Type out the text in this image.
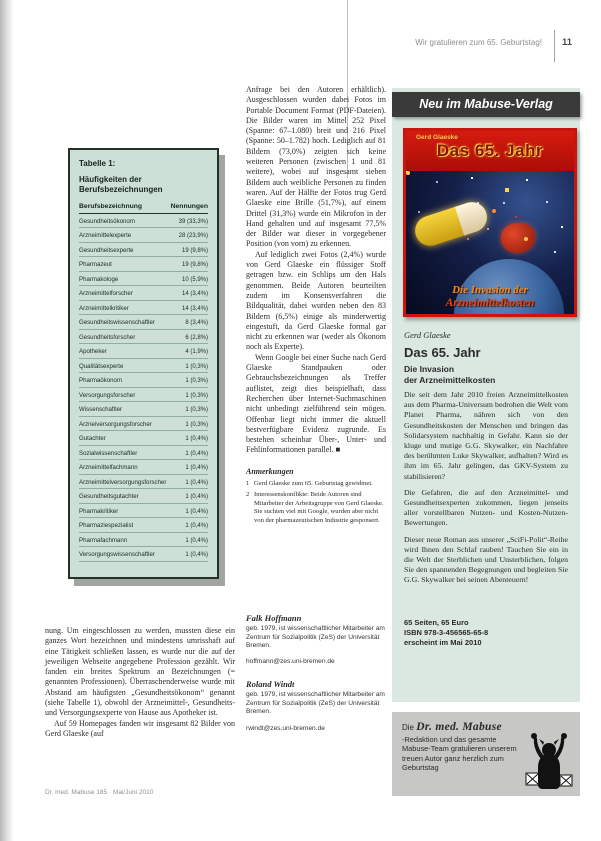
Wir gratulieren zum 65. Geburtstag! 11
Tabelle 1:
Häufigkeiten der
Berufsbezeichnungen
Berufsbezeichnung	Nennungen
Gesundheitsökonom	39 (33,3%)
Arzneimittelexperte	28 (23,9%)
Gesundheitsexperte	19 (9,8%)
Pharmazeut	19 (9,8%)
Pharmakologe	10 (5,9%)
Arzneimittelforscher	14 (3,4%)
Arzneimittelkritiker	14 (3,4%)
Gesundheitswissenschaftler	8 (3,4%)
Gesundheitsforscher	6 (2,8%)
Apotheker	4 (1,9%)
Qualitätsexperte	1 (0,3%)
Pharmaökonom	1 (0,3%)
Versorgungsforscher	1 (0,3%)
Wissenschaftler	1 (0,3%)
Arzneiversorgungsforscher	1 (0,3%)
Gutachter	1 (0,4%)
Sozialwissenschaftler	1 (0,4%)
Arzneimittelfachmann	1 (0,4%)
Arzneimittelversorgungsforscher	1 (0,4%)
Gesundheitsgutachter	1 (0,4%)
Pharmakritiker	1 (0,4%)
Pharmaziespezialist	1 (0,4%)
Pharmafachmann	1 (0,4%)
Versorgungswissenschaftler	1 (0,4%)

nung. Um eingeschlossen zu werden, mussten diese ein ganzes Wort bezeichnen und mindestens umrisshaft auf eine Tätigkeit schließen lassen, es wurde nur die auf der jeweiligen Webseite angegebene Profession gezählt. Wir fanden ein breites Spektrum an Bezeichnungen (= genannten Professionen). Überraschenderweise wurde mit Abstand am häufigsten „Gesundheitsökonom“ genannt (siehe Tabelle 1), obwohl der Arzneimittel-, Gesundheits- und Versorgungsexperte von Hause aus Apotheker ist.

Auf 59 Homepages fanden wir insgesamt 82 Bilder von Gerd Glaeske (auf

Dr. med. Mabuse 185 · Mai/Juni 2010

Anfrage bei den Autoren erhältlich). Ausgeschlossen wurden dabei Fotos im Portable Document Format (PDF-Dateien). Die Bilder waren im Mittel 252 Pixel (Spanne: 67–1.080) breit und 216 Pixel (Spanne: 50–1.782) hoch. Lediglich auf 81 Bildern (73,0%) zeigten sich keine weiteren Personen (zwischen 1 und 81 weitere), wobei auf insgesamt sieben Bildern auch weibliche Personen zu finden waren. Auf der Hälfte der Fotos trug Gerd Glaeske eine Brille (51,7%), auf einem Drittel (31,3%) wurde ein Mikrofon in der Hand gehalten und auf insgesamt 77,5% der Bilder war dieser in vorgegebener Position (von vorn) zu erkennen.

Auf lediglich zwei Fotos (2,4%) wurde von Gerd Glaeske ein flüssiger Stoff getragen bzw. ein Schlips um den Hals genommen. Beide Autoren beurteilten zudem im Konsensverfahren die Bildqualität, dabei wurden neben den 83 Bildern (6,5%) einige als minderwertig eingestuft, da Gerd Glaeske formal gar nicht zu erkennen war (weder als Ökonom noch als Experte).

Wenn Google bei einer Suche nach Gerd Glaeske Standpauken oder Gebrauchsbezeichnungen als Treffer auflistet, zeigt dies beispielhaft, dass Recherchen über Internet-Suchmaschinen nicht unbedingt zielführend sein mögen. Offenbar liegt nicht immer die aktuell bestverfügbare Evidenz zugrunde. Es bestehen scheinbar Über-, Unter- und Fehlinformationen parallel. ■

Anmerkungen
1 Gerd Glaeske zum 65. Geburtstag gewidmet.
2 Interessenskonflikte: Beide Autoren sind Mitarbeiter der Arbeitsgruppe von Gerd Glaeske. Sie suchten viel mit Google, wurden aber nicht von der pharmazeutischen Industrie gesponsert.
Falk Hoffmann
geb. 1979, ist wissenschaftlicher Mitarbeiter am Zentrum für Sozialpolitik (ZeS) der Universität Bremen.
hoffmann@zes.uni-bremen.de
Roland Windt
geb. 1979, ist wissenschaftlicher Mitarbeiter am Zentrum für Sozialpolitik (ZeS) der Universität Bremen.
rwindt@zes.uni-bremen.de
Neu im Mabuse-Verlag
Gerd Glaeske
Das 65. Jahr
Die Invasion der
Arzneimittelkosten
Gerd Glaeske
Das 65. Jahr
Die Invasion
der Arzneimittelkosten

Die seit dem Jahr 2010 freien Arzneimittelkosten aus dem Pharma-Universum bedrohen die Welt vom Planet Pharma, nähren sich von den Gesundheitskosten der Menschen und bringen das Solidarsystem nachhaltig in Gefahr. Kann sie der kluge und mutige G.G. Skywalker, ein Nachfahre des berühmten Luke Skywalker, aufhalten? Wird es ihm im 65. Jahr gelingen, das GKV-System zu stabilisieren?

Die Gefahren, die auf den Arzneimittel- und Gesundheitsexperten zukommen, liegen jenseits aller vorstellbaren Nutzen- und Kosten-Nutzen-Bewertungen.

Dieser neue Roman aus unserer „SciFi-Polit“-Reihe wird Ihnen den Schlaf rauben! Tauchen Sie ein in die Welt der Sterblichen und Unsterblichen, folgen Sie den spannenden Begegnungen und begleiten Sie G.G. Skywalker bei seinen Abenteuern!

65 Seiten, 65 Euro
ISBN 978-3-456565-65-8
erscheint im Mai 2010
Die Dr. med. Mabuse
-Redaktion und das gesamte Mabuse-Team gratulieren unserem treuen Autor ganz herzlich zum Geburtstag
